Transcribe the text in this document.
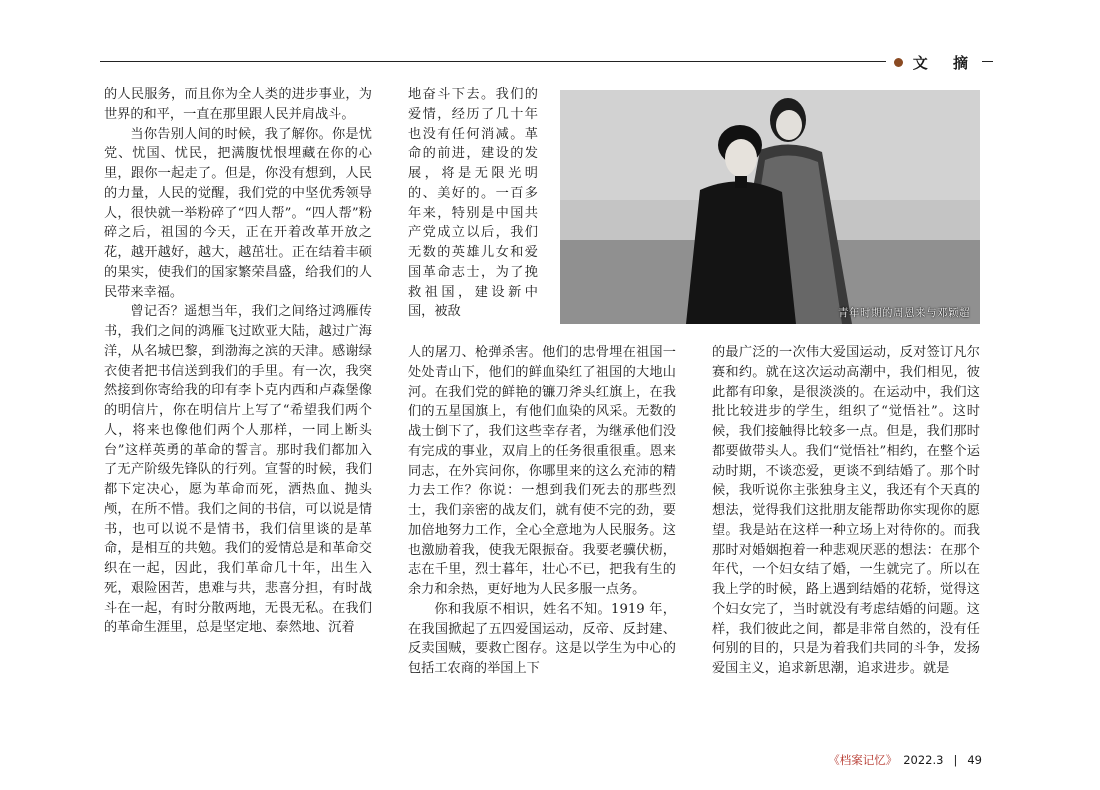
文 摘

的人民服务，而且你为全人类的进步事业，为世界的和平，一直在那里跟人民并肩战斗。

当你告别人间的时候，我了解你。你是忧党、忧国、忧民，把满腹忧恨埋藏在你的心里，跟你一起走了。但是，你没有想到，人民的力量，人民的觉醒，我们党的中坚优秀领导人，很快就一举粉碎了“四人帮”。“四人帮”粉碎之后，祖国的今天，正在开着改革开放之花，越开越好，越大，越茁壮。正在结着丰硕的果实，使我们的国家繁荣昌盛，给我们的人民带来幸福。

曾记否？遥想当年，我们之间络过鸿雁传书，我们之间的鸿雁飞过欧亚大陆，越过广海洋，从名城巴黎，到渤海之滨的天津。感谢绿衣使者把书信送到我们的手里。有一次，我突然接到你寄给我的印有李卜克内西和卢森堡像的明信片，你在明信片上写了“希望我们两个人，将来也像他们两个人那样，一同上断头台”这样英勇的革命的誓言。那时我们都加入了无产阶级先锋队的行列。宣誓的时候，我们都下定决心，愿为革命而死，洒热血、抛头颅，在所不惜。我们之间的书信，可以说是情书，也可以说不是情书，我们信里谈的是革命，是相互的共勉。我们的爱情总是和革命交织在一起，因此，我们革命几十年，出生入死，艰险困苦，患难与共，悲喜分担，有时战斗在一起，有时分散两地，无畏无私。在我们的革命生涯里，总是坚定地、泰然地、沉着

地奋斗下去。我们的爱情，经历了几十年也没有任何消减。革命的前进，建设的发展，将是无限光明的、美好的。一百多年来，特别是中国共产党成立以后，我们无数的英雄儿女和爱国革命志士，为了挽救祖国，建设新中国，被敌	青年时期的周恩来与邓颖超

人的屠刀、枪弹杀害。他们的忠骨埋在祖国一处处青山下，他们的鲜血染红了祖国的大地山河。在我们党的鲜艳的镰刀斧头红旗上，在我们的五星国旗上，有他们血染的风采。无数的战士倒下了，我们这些幸存者，为继承他们没有完成的事业，双肩上的任务很重很重。恩来同志，在外宾问你，你哪里来的这么充沛的精力去工作？你说：一想到我们死去的那些烈士，我们亲密的战友们，就有使不完的劲，要加倍地努力工作，全心全意地为人民服务。这也激励着我，使我无限振奋。我要老骥伏枥，志在千里，烈士暮年，壮心不已，把我有生的余力和余热，更好地为人民多服一点务。

你和我原不相识，姓名不知。1919 年，在我国掀起了五四爱国运动，反帝、反封建、反卖国贼，要救亡图存。这是以学生为中心的包括工农商的举国上下

的最广泛的一次伟大爱国运动，反对签订凡尔赛和约。就在这次运动高潮中，我们相见，彼此都有印象，是很淡淡的。在运动中，我们这批比较进步的学生，组织了“觉悟社”。这时候，我们接触得比较多一点。但是，我们那时都要做带头人。我们“觉悟社”相约，在整个运动时期，不谈恋爱，更谈不到结婚了。那个时候，我听说你主张独身主义，我还有个天真的想法，觉得我们这批朋友能帮助你实现你的愿望。我是站在这样一种立场上对待你的。而我那时对婚姻抱着一种悲观厌恶的想法：在那个年代，一个妇女结了婚，一生就完了。所以在我上学的时候，路上遇到结婚的花轿，觉得这个妇女完了，当时就没有考虑结婚的问题。这样，我们彼此之间，都是非常自然的，没有任何别的目的，只是为着我们共同的斗争，发扬爱国主义，追求新思潮，追求进步。就是

《档案记忆》 2022.3 | 49
